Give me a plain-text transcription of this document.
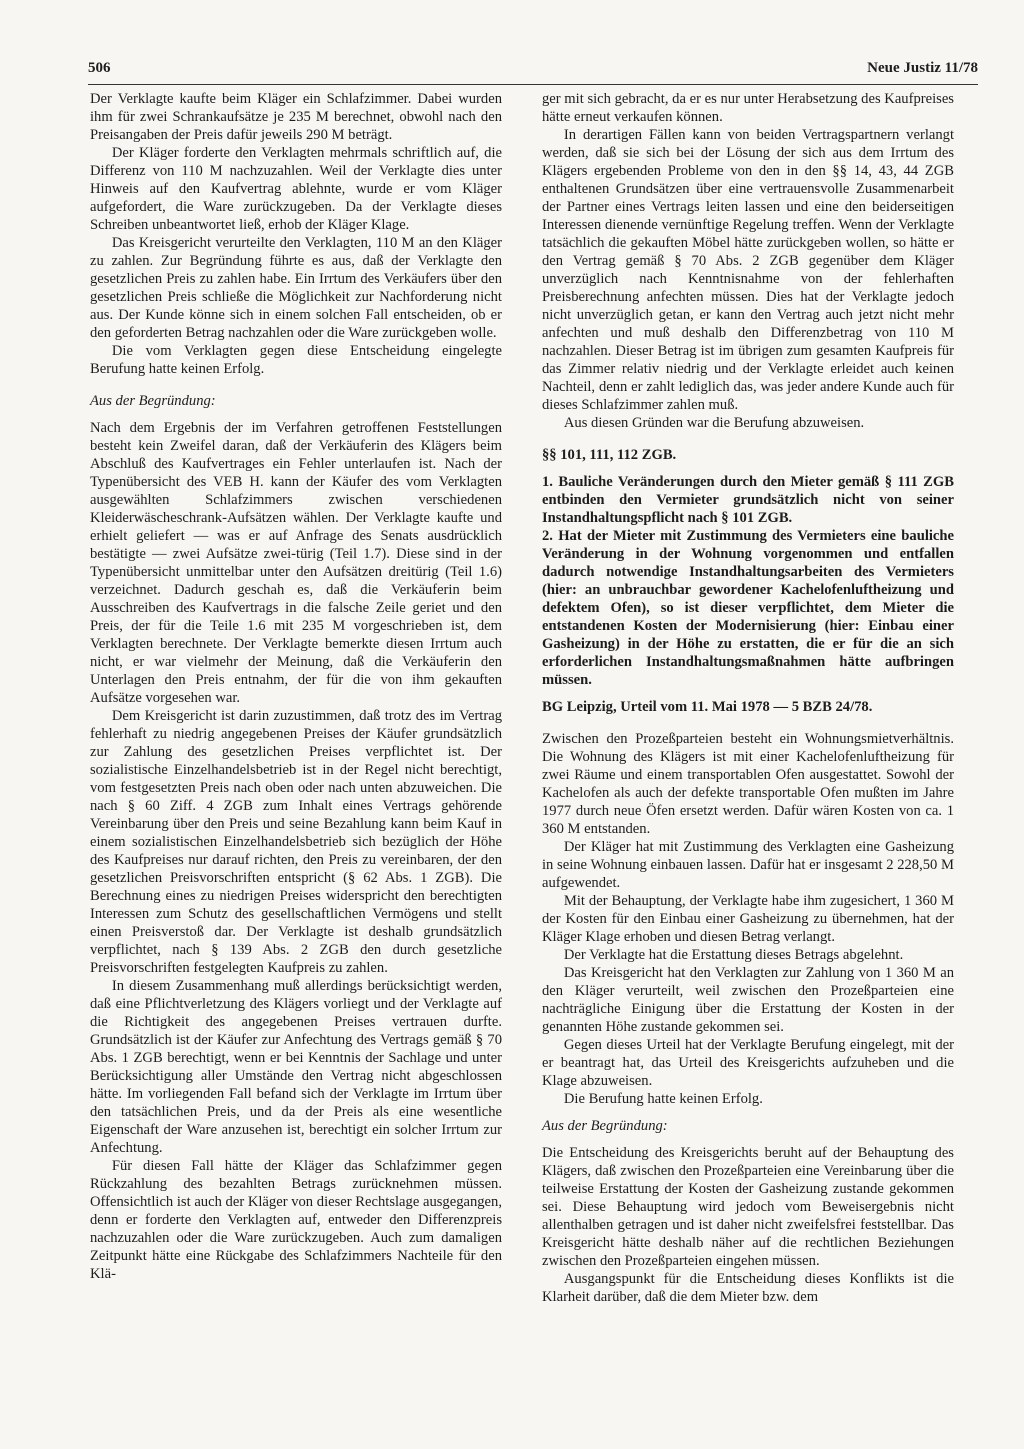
506	Neue Justiz 11/78

Der Verklagte kaufte beim Kläger ein Schlafzimmer. Dabei wurden ihm für zwei Schrankaufsätze je 235 M berechnet, obwohl nach den Preisangaben der Preis dafür jeweils 290 M beträgt.

Der Kläger forderte den Verklagten mehrmals schriftlich auf, die Differenz von 110 M nachzuzahlen. Weil der Verklagte dies unter Hinweis auf den Kaufvertrag ablehnte, wurde er vom Kläger aufgefordert, die Ware zurückzugeben. Da der Verklagte dieses Schreiben unbeantwortet ließ, erhob der Kläger Klage.

Das Kreisgericht verurteilte den Verklagten, 110 M an den Kläger zu zahlen. Zur Begründung führte es aus, daß der Verklagte den gesetzlichen Preis zu zahlen habe. Ein Irrtum des Verkäufers über den gesetzlichen Preis schließe die Möglichkeit zur Nachforderung nicht aus. Der Kunde könne sich in einem solchen Fall entscheiden, ob er den geforderten Betrag nachzahlen oder die Ware zurückgeben wolle.

Die vom Verklagten gegen diese Entscheidung eingelegte Berufung hatte keinen Erfolg.

Aus der Begründung:

Nach dem Ergebnis der im Verfahren getroffenen Feststellungen besteht kein Zweifel daran, daß der Verkäuferin des Klägers beim Abschluß des Kaufvertrages ein Fehler unterlaufen ist. Nach der Typenübersicht des VEB H. kann der Käufer des vom Verklagten ausgewählten Schlafzimmers zwischen verschiedenen Kleiderwäscheschrank-Aufsätzen wählen. Der Verklagte kaufte und erhielt geliefert — was er auf Anfrage des Senats ausdrücklich bestätigte — zwei Aufsätze zwei-türig (Teil 1.7). Diese sind in der Typenübersicht unmittelbar unter den Aufsätzen dreitürig (Teil 1.6) verzeichnet. Dadurch geschah es, daß die Verkäuferin beim Ausschreiben des Kaufvertrags in die falsche Zeile geriet und den Preis, der für die Teile 1.6 mit 235 M vorgeschrieben ist, dem Verklagten berechnete. Der Verklagte bemerkte diesen Irrtum auch nicht, er war vielmehr der Meinung, daß die Verkäuferin den Unterlagen den Preis entnahm, der für die von ihm gekauften Aufsätze vorgesehen war.

Dem Kreisgericht ist darin zuzustimmen, daß trotz des im Vertrag fehlerhaft zu niedrig angegebenen Preises der Käufer grundsätzlich zur Zahlung des gesetzlichen Preises verpflichtet ist. Der sozialistische Einzelhandelsbetrieb ist in der Regel nicht berechtigt, vom festgesetzten Preis nach oben oder nach unten abzuweichen. Die nach § 60 Ziff. 4 ZGB zum Inhalt eines Vertrags gehörende Vereinbarung über den Preis und seine Bezahlung kann beim Kauf in einem sozialistischen Einzelhandelsbetrieb sich bezüglich der Höhe des Kaufpreises nur darauf richten, den Preis zu vereinbaren, der den gesetzlichen Preisvorschriften entspricht (§ 62 Abs. 1 ZGB). Die Berechnung eines zu niedrigen Preises widerspricht den berechtigten Interessen zum Schutz des gesellschaftlichen Vermögens und stellt einen Preisverstoß dar. Der Verklagte ist deshalb grundsätzlich verpflichtet, nach § 139 Abs. 2 ZGB den durch gesetzliche Preisvorschriften festgelegten Kaufpreis zu zahlen.

In diesem Zusammenhang muß allerdings berücksichtigt werden, daß eine Pflichtverletzung des Klägers vorliegt und der Verklagte auf die Richtigkeit des angegebenen Preises vertrauen durfte. Grundsätzlich ist der Käufer zur Anfechtung des Vertrags gemäß § 70 Abs. 1 ZGB berechtigt, wenn er bei Kenntnis der Sachlage und unter Berücksichtigung aller Umstände den Vertrag nicht abgeschlossen hätte. Im vorliegenden Fall befand sich der Verklagte im Irrtum über den tatsächlichen Preis, und da der Preis als eine wesentliche Eigenschaft der Ware anzusehen ist, berechtigt ein solcher Irrtum zur Anfechtung.

Für diesen Fall hätte der Kläger das Schlafzimmer gegen Rückzahlung des bezahlten Betrags zurücknehmen müssen. Offensichtlich ist auch der Kläger von dieser Rechtslage ausgegangen, denn er forderte den Verklagten auf, entweder den Differenzpreis nachzuzahlen oder die Ware zurückzugeben. Auch zum damaligen Zeitpunkt hätte eine Rückgabe des Schlafzimmers Nachteile für den Klä-

ger mit sich gebracht, da er es nur unter Herabsetzung des Kaufpreises hätte erneut verkaufen können.

In derartigen Fällen kann von beiden Vertragspartnern verlangt werden, daß sie sich bei der Lösung der sich aus dem Irrtum des Klägers ergebenden Probleme von den in den §§ 14, 43, 44 ZGB enthaltenen Grundsätzen über eine vertrauensvolle Zusammenarbeit der Partner eines Vertrags leiten lassen und eine den beiderseitigen Interessen dienende vernünftige Regelung treffen. Wenn der Verklagte tatsächlich die gekauften Möbel hätte zurückgeben wollen, so hätte er den Vertrag gemäß § 70 Abs. 2 ZGB gegenüber dem Kläger unverzüglich nach Kenntnisnahme von der fehlerhaften Preisberechnung anfechten müssen. Dies hat der Verklagte jedoch nicht unverzüglich getan, er kann den Vertrag auch jetzt nicht mehr anfechten und muß deshalb den Differenzbetrag von 110 M nachzahlen. Dieser Betrag ist im übrigen zum gesamten Kaufpreis für das Zimmer relativ niedrig und der Verklagte erleidet auch keinen Nachteil, denn er zahlt lediglich das, was jeder andere Kunde auch für dieses Schlafzimmer zahlen muß.

Aus diesen Gründen war die Berufung abzuweisen.

§§ 101, 111, 112 ZGB.

1. Bauliche Veränderungen durch den Mieter gemäß § 111 ZGB entbinden den Vermieter grundsätzlich nicht von seiner Instandhaltungspflicht nach § 101 ZGB.

2. Hat der Mieter mit Zustimmung des Vermieters eine bauliche Veränderung in der Wohnung vorgenommen und entfallen dadurch notwendige Instandhaltungsarbeiten des Vermieters (hier: an unbrauchbar gewordener Kachelofenluftheizung und defektem Ofen), so ist dieser verpflichtet, dem Mieter die entstandenen Kosten der Modernisierung (hier: Einbau einer Gasheizung) in der Höhe zu erstatten, die er für die an sich erforderlichen Instandhaltungsmaßnahmen hätte aufbringen müssen.

BG Leipzig, Urteil vom 11. Mai 1978 — 5 BZB 24/78.

Zwischen den Prozeßparteien besteht ein Wohnungsmietverhältnis. Die Wohnung des Klägers ist mit einer Kachelofenluftheizung für zwei Räume und einem transportablen Ofen ausgestattet. Sowohl der Kachelofen als auch der defekte transportable Ofen mußten im Jahre 1977 durch neue Öfen ersetzt werden. Dafür wären Kosten von ca. 1 360 M entstanden.

Der Kläger hat mit Zustimmung des Verklagten eine Gasheizung in seine Wohnung einbauen lassen. Dafür hat er insgesamt 2 228,50 M aufgewendet.

Mit der Behauptung, der Verklagte habe ihm zugesichert, 1 360 M der Kosten für den Einbau einer Gasheizung zu übernehmen, hat der Kläger Klage erhoben und diesen Betrag verlangt.

Der Verklagte hat die Erstattung dieses Betrags abgelehnt.

Das Kreisgericht hat den Verklagten zur Zahlung von 1 360 M an den Kläger verurteilt, weil zwischen den Prozeßparteien eine nachträgliche Einigung über die Erstattung der Kosten in der genannten Höhe zustande gekommen sei.

Gegen dieses Urteil hat der Verklagte Berufung eingelegt, mit der er beantragt hat, das Urteil des Kreisgerichts aufzuheben und die Klage abzuweisen.

Die Berufung hatte keinen Erfolg.

Aus der Begründung:

Die Entscheidung des Kreisgerichts beruht auf der Behauptung des Klägers, daß zwischen den Prozeßparteien eine Vereinbarung über die teilweise Erstattung der Kosten der Gasheizung zustande gekommen sei. Diese Behauptung wird jedoch vom Beweisergebnis nicht allenthalben getragen und ist daher nicht zweifelsfrei feststellbar. Das Kreisgericht hätte deshalb näher auf die rechtlichen Beziehungen zwischen den Prozeßparteien eingehen müssen.

Ausgangspunkt für die Entscheidung dieses Konflikts ist die Klarheit darüber, daß die dem Mieter bzw. dem
